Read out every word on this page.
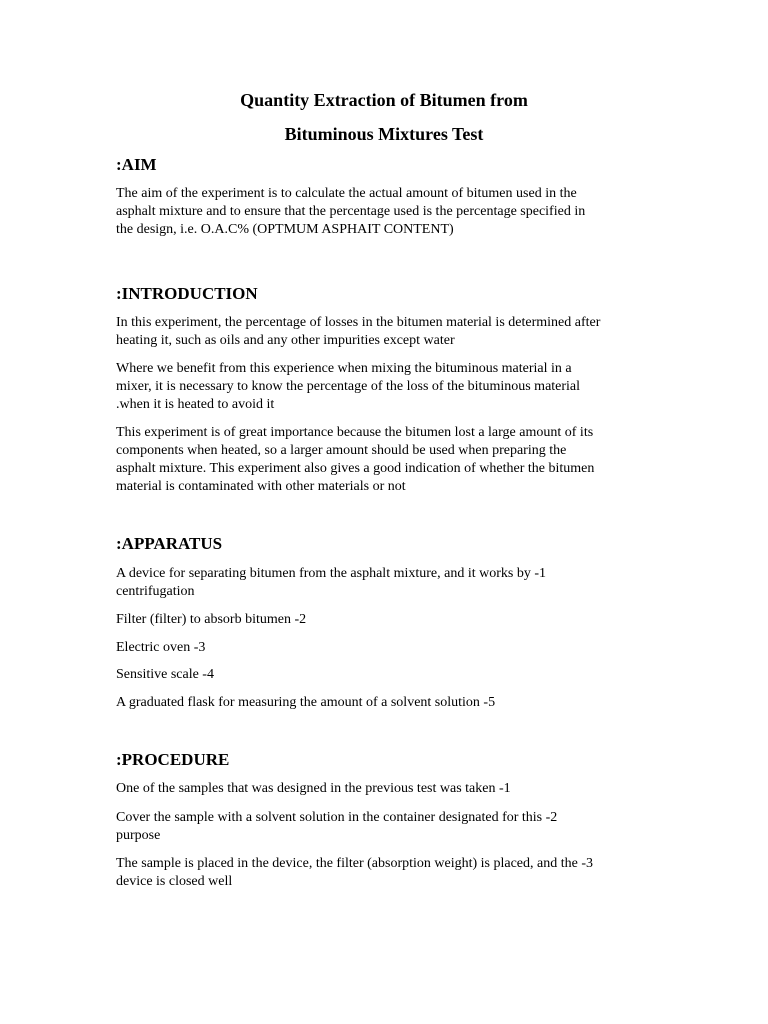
Quantity Extraction of Bitumen from
Bituminous Mixtures Test
:AIM
The aim of the experiment is to calculate the actual amount of bitumen used in the
asphalt mixture and to ensure that the percentage used is the percentage specified in
the design, i.e. O.A.C% (OPTMUM ASPHAIT CONTENT)
:INTRODUCTION
In this experiment, the percentage of losses in the bitumen material is determined after
heating it, such as oils and any other impurities except water
Where we benefit from this experience when mixing the bituminous material in a
mixer, it is necessary to know the percentage of the loss of the bituminous material
.when it is heated to avoid it
This experiment is of great importance because the bitumen lost a large amount of its
components when heated, so a larger amount should be used when preparing the
asphalt mixture. This experiment also gives a good indication of whether the bitumen
material is contaminated with other materials or not
:APPARATUS
A device for separating bitumen from the asphalt mixture, and it works by -1
centrifugation
Filter (filter) to absorb bitumen -2
Electric oven -3
Sensitive scale -4
A graduated flask for measuring the amount of a solvent solution -5
:PROCEDURE
One of the samples that was designed in the previous test was taken -1
Cover the sample with a solvent solution in the container designated for this -2
purpose
The sample is placed in the device, the filter (absorption weight) is placed, and the -3
device is closed well
